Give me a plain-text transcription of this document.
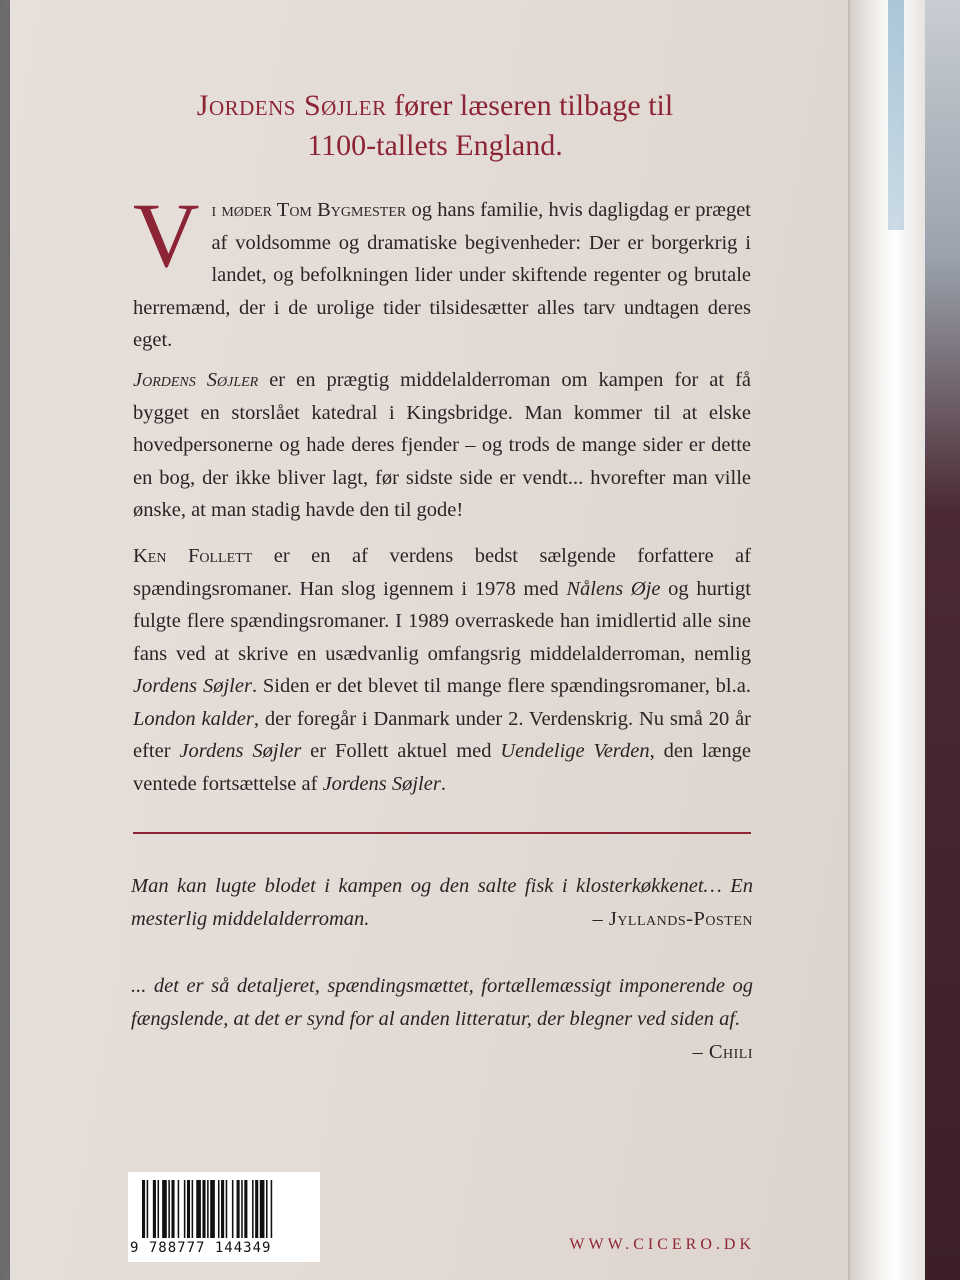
Jordens Søjler fører læseren tilbage til
1100-tallets England.
Vi møder Tom Bygmester og hans familie, hvis dagligdag er præget af voldsomme og dramatiske begivenheder: Der er borgerkrig i landet, og befolkningen lider under skiftende regenter og brutale herremænd, der i de urolige tider tilsidesætter alles tarv undtagen deres eget.
Jordens Søjler er en prægtig middelalderroman om kampen for at få bygget en storslået katedral i Kingsbridge. Man kommer til at elske hovedpersonerne og hade deres fjender – og trods de mange sider er dette en bog, der ikke bliver lagt, før sidste side er vendt... hvorefter man ville ønske, at man stadig havde den til gode!
Ken Follett er en af verdens bedst sælgende forfattere af spændingsromaner. Han slog igennem i 1978 med Nålens Øje og hurtigt fulgte flere spændingsromaner. I 1989 overraskede han imidlertid alle sine fans ved at skrive en usædvanlig omfangsrig middelalderroman, nemlig Jordens Søjler. Siden er det blevet til mange flere spændingsromaner, bl.a. London kalder, der foregår i Danmark under 2. Verdenskrig. Nu små 20 år efter Jordens Søjler er Follett aktuel med Uendelige Verden, den længe ventede fortsættelse af Jordens Søjler.
Man kan lugte blodet i kampen og den salte fisk i klosterkøkkenet… En mesterlig middelalderroman.	– Jyllands-Posten
... det er så detaljeret, spændingsmættet, fortællemæssigt imponerende og fængslende, at det er synd for al anden litteratur, der blegner ved siden af.
– Chili
9 788777 144349	WWW.CICERO.DK
